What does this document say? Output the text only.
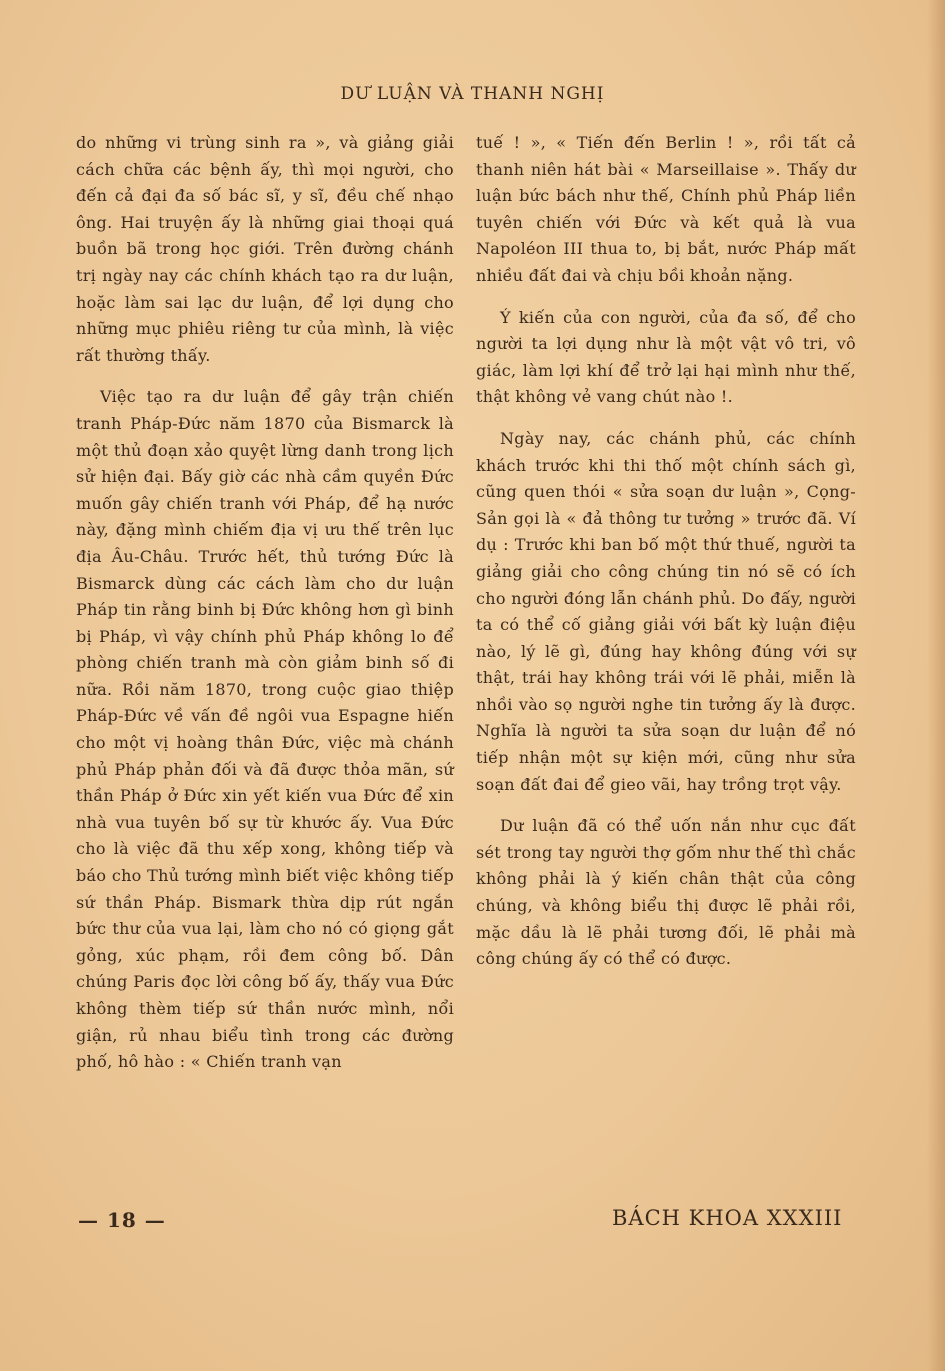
DƯ LUẬN VÀ THANH NGHỊ

do những vi trùng sinh ra », và giảng giải cách chữa các bệnh ấy, thì mọi người, cho đến cả đại đa số bác sĩ, y sĩ, đều chế nhạo ông. Hai truyện ấy là những giai thoại quá buồn bã trong học giới. Trên đường chánh trị ngày nay các chính khách tạo ra dư luận, hoặc làm sai lạc dư luận, để lợi dụng cho những mục phiêu riêng tư của mình, là việc rất thường thấy.

Việc tạo ra dư luận để gây trận chiến tranh Pháp-Đức năm 1870 của Bismarck là một thủ đoạn xảo quyệt lừng danh trong lịch sử hiện đại. Bấy giờ các nhà cầm quyền Đức muốn gây chiến tranh với Pháp, để hạ nước này, đặng mình chiếm địa vị ưu thế trên lục địa Âu-Châu. Trước hết, thủ tướng Đức là Bismarck dùng các cách làm cho dư luận Pháp tin rằng binh bị Đức không hơn gì binh bị Pháp, vì vậy chính phủ Pháp không lo để phòng chiến tranh mà còn giảm binh số đi nữa. Rồi năm 1870, trong cuộc giao thiệp Pháp-Đức về vấn đề ngôi vua Espagne hiến cho một vị hoàng thân Đức, việc mà chánh phủ Pháp phản đối và đã được thỏa mãn, sứ thần Pháp ở Đức xin yết kiến vua Đức để xin nhà vua tuyên bố sự từ khước ấy. Vua Đức cho là việc đã thu xếp xong, không tiếp và báo cho Thủ tướng mình biết việc không tiếp sứ thần Pháp. Bismark thừa dịp rút ngắn bức thư của vua lại, làm cho nó có giọng gắt gỏng, xúc phạm, rồi đem công bố. Dân chúng Paris đọc lời công bố ấy, thấy vua Đức không thèm tiếp sứ thần nước mình, nổi giận, rủ nhau biểu tình trong các đường phố, hô hào : « Chiến tranh vạn

tuế ! », « Tiến đến Berlin ! », rồi tất cả thanh niên hát bài « Marseillaise ». Thấy dư luận bức bách như thế, Chính phủ Pháp liền tuyên chiến với Đức và kết quả là vua Napoléon III thua to, bị bắt, nước Pháp mất nhiều đất đai và chịu bồi khoản nặng.

Ý kiến của con người, của đa số, để cho người ta lợi dụng như là một vật vô tri, vô giác, làm lợi khí để trở lại hại mình như thế, thật không vẻ vang chút nào !.

Ngày nay, các chánh phủ, các chính khách trước khi thi thố một chính sách gì, cũng quen thói « sửa soạn dư luận », Cọng-Sản gọi là « đả thông tư tưởng » trước đã. Ví dụ : Trước khi ban bố một thứ thuế, người ta giảng giải cho công chúng tin nó sẽ có ích cho người đóng lẫn chánh phủ. Do đấy, người ta có thể cố giảng giải với bất kỳ luận điệu nào, lý lẽ gì, đúng hay không đúng với sự thật, trái hay không trái với lẽ phải, miễn là nhồi vào sọ người nghe tin tưởng ấy là được. Nghĩa là người ta sửa soạn dư luận để nó tiếp nhận một sự kiện mới, cũng như sửa soạn đất đai để gieo vãi, hay trồng trọt vậy.

Dư luận đã có thể uốn nắn như cục đất sét trong tay người thợ gốm như thế thì chắc không phải là ý kiến chân thật của công chúng, và không biểu thị được lẽ phải rồi, mặc dầu là lẽ phải tương đối, lẽ phải mà công chúng ấy có thể có được.

— 18 —	BÁCH KHOA XXXIII
